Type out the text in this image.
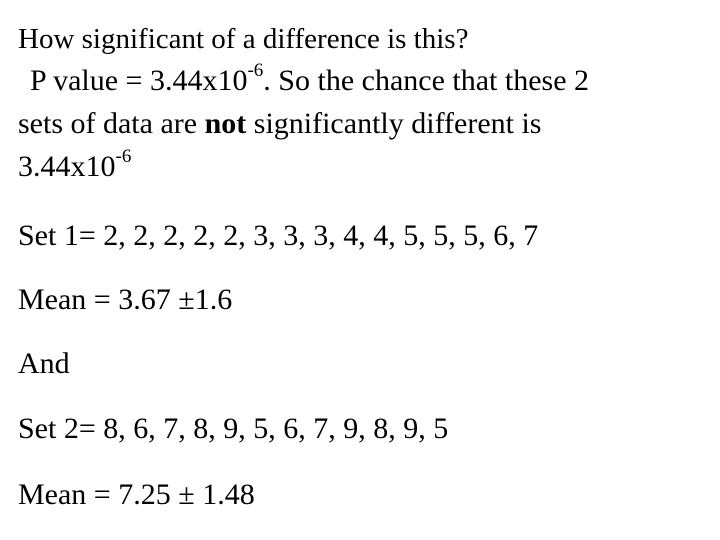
How significant of a difference is this?
P value = $3.44x10^{-6}$. So the chance that these 2
sets of data are not significantly different is
$3.44x10^{-6}$
Set 1= 2, 2, 2, 2, 2, 3, 3, 3, 4, 4, 5, 5, 5, 6, 7
Mean = 3.67 ±1.6
And
Set 2= 8, 6, 7, 8, 9, 5, 6, 7, 9, 8, 9, 5
Mean = 7.25 ± 1.48
